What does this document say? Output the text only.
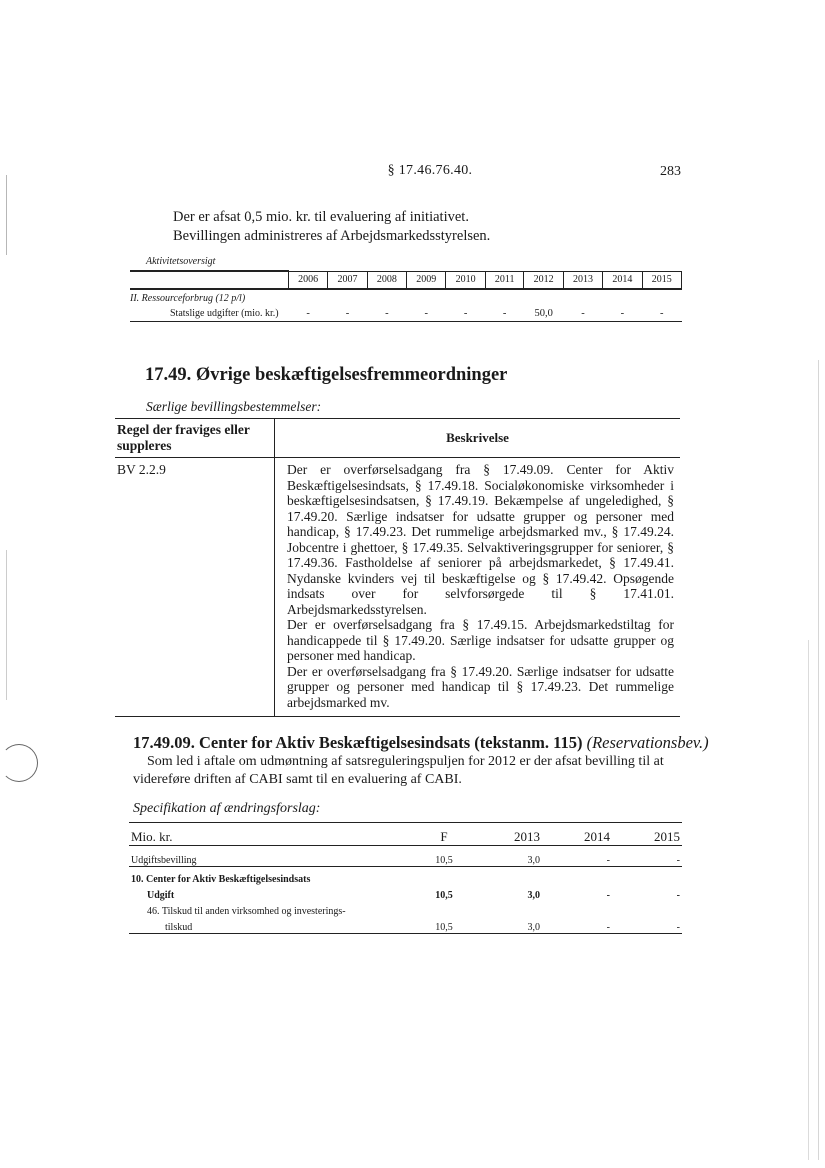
§ 17.46.76.40.	283
Der er afsat 0,5 mio. kr. til evaluering af initiativet.
Bevillingen administreres af Arbejdsmarkedsstyrelsen.
Aktivitetsoversigt
	2006	2007	2008	2009	2010	2011	2012	2013	2014	2015
II. Ressourceforbrug (12 p/l)										
Statslige udgifter (mio. kr.)	-	-	-	-	-	-	50,0	-	-	-
17.49. Øvrige beskæftigelsesfremmeordninger
Særlige bevillingsbestemmelser:
Regel der fraviges eller suppleres	Beskrivelse
BV 2.2.9	Der er overførselsadgang fra § 17.49.09. Center for Aktiv Beskæftigelsesindsats, § 17.49.18. Socialøkonomiske virksomheder i beskæftigelsesindsatsen, § 17.49.19. Bekæmpelse af ungeledighed, § 17.49.20. Særlige indsatser for udsatte grupper og personer med handicap, § 17.49.23. Det rummelige arbejdsmarked mv., § 17.49.24. Jobcentre i ghettoer, § 17.49.35. Selvaktiveringsgrupper for seniorer, § 17.49.36. Fastholdelse af seniorer på arbejdsmarkedet, § 17.49.41. Nydanske kvinders vej til beskæftigelse og § 17.49.42. Opsøgende indsats over for selvforsørgede til § 17.41.01. Arbejdsmarkedsstyrelsen.

Der er overførselsadgang fra § 17.49.15. Arbejdsmarkedstiltag for handicappede til § 17.49.20. Særlige indsatser for udsatte grupper og personer med handicap.

Der er overførselsadgang fra § 17.49.20. Særlige indsatser for udsatte grupper og personer med handicap til § 17.49.23. Det rummelige arbejdsmarked mv.

17.49.09. Center for Aktiv Beskæftigelsesindsats (tekstanm. 115) (Reservationsbev.)
Som led i aftale om udmøntning af satsreguleringspuljen for 2012 er der afsat bevilling til at videreføre driften af CABI samt til en evaluering af CABI.
Specifikation af ændringsforslag:
Mio. kr.	F	2013	2014	2015
Udgiftsbevilling	10,5	3,0	-	-
10. Center for Aktiv Beskæftigelsesindsats				
Udgift	10,5	3,0	-	-
46. Tilskud til anden virksomhed og investerings-				
tilskud	10,5	3,0	-	-
